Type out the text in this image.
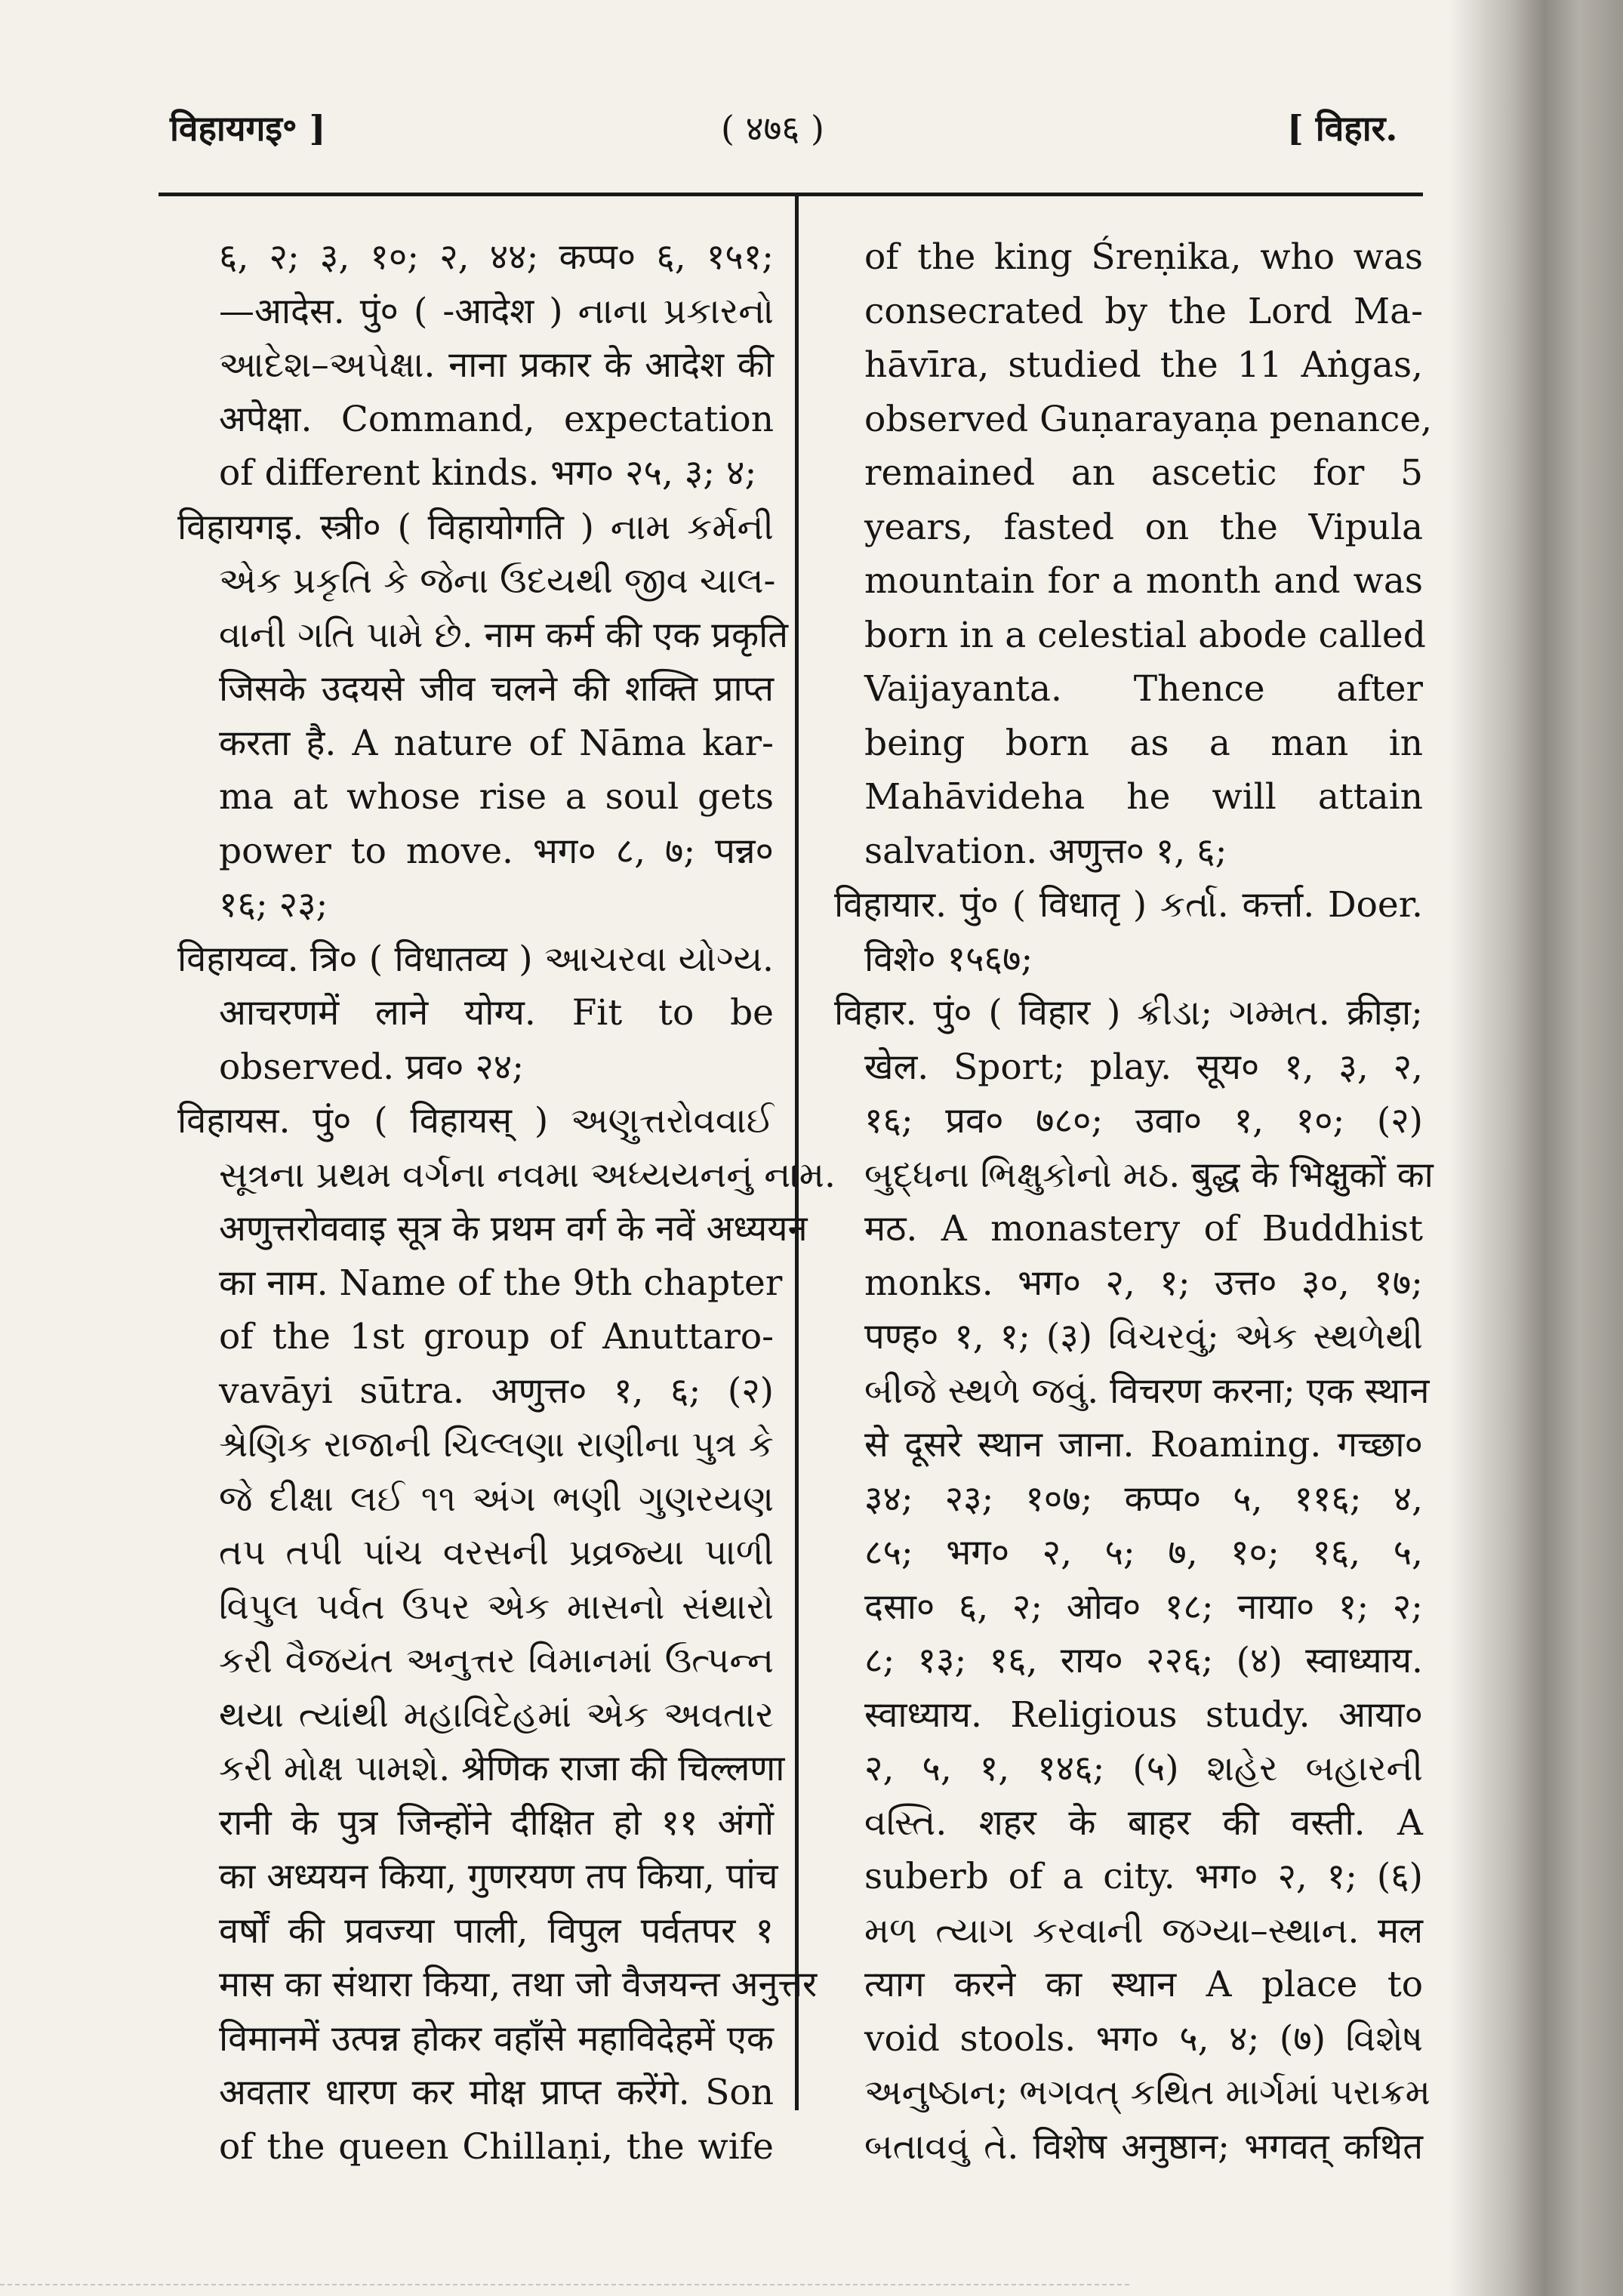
विहायगइ॰ ]	( ४७६ )	[ विहार.
६, २; ३, १०; २, ४४; कप्प० ६, १५१;
—आदेस. पुं० ( -आदेश ) નાના પ્રકારનો
આદેશ–અપેક્ષા. नाना प्रकार के आदेश की
अपेक्षा. Command, expectation
of different kinds. भग० २५, ३; ४;
विहायगइ. स्त्री० ( विहायोगति ) નામ કર્મની
એક પ્રકૃતિ કે જેના ઉદયથી જીવ ચાલ-
વાની ગતિ પામે છે. नाम कर्म की एक प्रकृति
जिसके उदयसे जीव चलने की शक्ति प्राप्त
करता है. A nature of Nāma kar-
ma at whose rise a soul gets
power to move. भग० ८, ७; पन्न०
१६; २३;
विहायव्व. त्रि० ( विधातव्य ) આચરવા યોગ્ય.
आचरणमें लाने योग्य. Fit to be
observed. प्रव० २४;
विहायस. पुं० ( विहायस् ) અણુત્તરોવવાઈ
સૂત્રના પ્રથમ વર્ગના નવમા અધ્યયનનું નામ.
अणुत्तरोववाइ सूत्र के प्रथम वर्ग के नवें अध्ययन
का नाम. Name of the 9th chapter
of the 1st group of Anuttaro-
vavāyi sūtra. अणुत्त० १, ६; (२)
શ્રેણિક રાજાની ચિલ્લણા રાણીના પુત્ર કે
જે દીક્ષા લઈ ૧૧ અંગ ભણી ગુણરયણ
તપ તપી પાંચ વરસની પ્રવ્રજ્યા પાળી
વિપુલ પર્વત ઉપર એક માસનો સંથારો
કરી વૈજયંત અનુત્તર વિમાનમાં ઉત્પન્ન
થયા ત્યાંથી મહાવિદેહમાં એક અવતાર
કરી મોક્ષ પામશે. श्रेणिक राजा की चिल्लणा
रानी के पुत्र जिन्होंने दीक्षित हो ११ अंगों
का अध्ययन किया, गुणरयण तप किया, पांच
वर्षों की प्रवज्या पाली, विपुल पर्वतपर १
मास का संथारा किया, तथा जो वैजयन्त अनुत्तर
विमानमें उत्पन्न होकर वहाँसे महाविदेहमें एक
अवतार धारण कर मोक्ष प्राप्त करेंगे. Son
of the queen Chillaṇi, the wife
of the king Śreṇika, who was
consecrated by the Lord Ma-
hāvīra, studied the 11 Aṅgas,
observed Guṇarayaṇa penance,
remained an ascetic for 5
years, fasted on the Vipula
mountain for a month and was
born in a celestial abode called
Vaijayanta. Thence after
being born as a man in
Mahāvideha he will attain
salvation. अणुत्त० १, ६;
विहायार. पुं० ( विधातृ ) કર્તા. कर्त्ता. Doer.
विशे० १५६७;
विहार. पुं० ( विहार ) ક્રીડા; ગમ્મત. क्रीड़ा;
खेल. Sport; play. सूय० १, ३, २,
१६; प्रव० ७८०; उवा० १, १०; (२)
બુદ્ધના ભિક્ષુકોનો મઠ. बुद्ध के भिक्षुकों का
मठ. A monastery of Buddhist
monks. भग० २, १; उत्त० ३०, १७;
पण्ह० १, १; (३) વિચરવું; એક સ્થળેથી
બીજે સ્થળે જવું. विचरण करना; एक स्थान
से दूसरे स्थान जाना. Roaming. गच्छा०
३४; २३; १०७; कप्प० ५, ११६; ४,
८५; भग० २, ५; ७, १०; १६, ५,
दसा० ६, २; ओव० १८; नाया० १; २;
८; १३; १६, राय० २२६; (४) स्वाध्याय.
स्वाध्याय. Religious study. आया०
२, ५, १, १४६; (५) શહેર બહારની
વસ્તિ. शहर के बाहर की वस्ती. A
suberb of a city. भग० २, १; (६)
મળ ત્યાગ કરવાની જગ્યા–સ્થાન. मल
त्याग करने का स्थान A place to
void stools. भग० ५, ४; (७) વિશેષ
અનુષ્ઠાન; ભગવત્ કથિત માર્ગમાં પરાક્રમ
બતાવવું તે. विशेष अनुष्ठान; भगवत् कथित
